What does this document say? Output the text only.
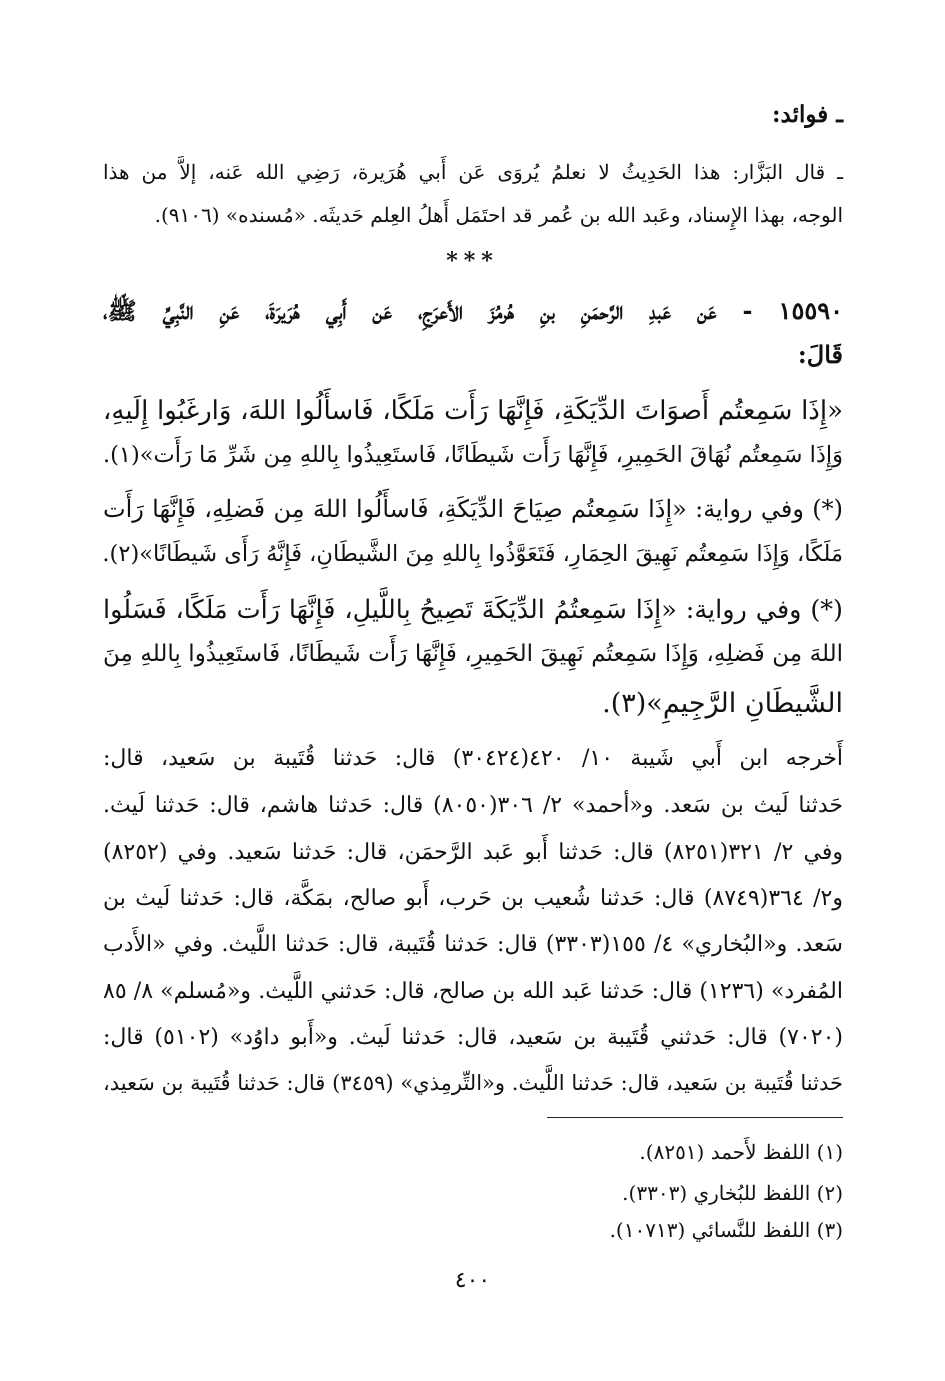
ـ فوائد:
ـ قال البَزَّار: هذا الحَدِيثُ لا نعلمُ يُروَى عَن أَبي هُرَيرة، رَضِي الله عَنه، إلاَّ من هذا
الوجه، بهذا الإِسناد، وعَبد الله بن عُمر قد احتَمَل أَهلُ العِلم حَديثَه. «مُسنده» (٩١٠٦).
***
١٥٥٩٠ - عَن عَبدِ الرَّحمَنِ بنِ هُرمُزَ الأَعرَجِ، عَن أَبِي هُرَيرَةَ، عَنِ النَّبِيِّ ﷺ،
قَالَ:
«إِذَا سَمِعتُم أَصوَاتَ الدِّيَكَةِ، فَإِنَّهَا رَأَت مَلَكًا، فَاسأَلُوا اللهَ، وَارغَبُوا إِلَيهِ،
وَإِذَا سَمِعتُم نُهَاقَ الحَمِيرِ، فَإِنَّهَا رَأَت شَيطَانًا، فَاستَعِيذُوا بِاللهِ مِن شَرِّ مَا رَأَت»(١).
(*) وفي رواية: «إِذَا سَمِعتُم صِيَاحَ الدِّيَكَةِ، فَاسأَلُوا اللهَ مِن فَضلِهِ، فَإِنَّهَا رَأَت
مَلَكًا، وَإِذَا سَمِعتُم نَهِيقَ الحِمَارِ، فَتَعَوَّذُوا بِاللهِ مِنَ الشَّيطَانِ، فَإِنَّهُ رَأَى شَيطَانًا»(٢).
(*) وفي رواية: «إِذَا سَمِعتُمُ الدِّيَكَةَ تَصِيحُ بِاللَّيلِ، فَإِنَّهَا رَأَت مَلَكًا، فَسَلُوا
اللهَ مِن فَضلِهِ، وَإِذَا سَمِعتُم نَهِيقَ الحَمِيرِ، فَإِنَّهَا رَأَت شَيطَانًا، فَاستَعِيذُوا بِاللهِ مِنَ
الشَّيطَانِ الرَّجِيمِ»(٣).
أَخرجه ابن أَبي شَيبة ١٠/ ٤٢٠(٣٠٤٢٤) قال: حَدثنا قُتَيبة بن سَعيد، قال:
حَدثنا لَيث بن سَعد. و«أحمد» ٢/ ٣٠٦(٨٠٥٠) قال: حَدثنا هاشم، قال: حَدثنا لَيث.
وفي ٢/ ٣٢١(٨٢٥١) قال: حَدثنا أَبو عَبد الرَّحمَن، قال: حَدثنا سَعيد. وفي (٨٢٥٢)
و٢/ ٣٦٤(٨٧٤٩) قال: حَدثنا شُعيب بن حَرب، أَبو صالح، بمَكَّة، قال: حَدثنا لَيث بن
سَعد. و«البُخاري» ٤/ ١٥٥(٣٣٠٣) قال: حَدثنا قُتَيبة، قال: حَدثنا اللَّيث. وفي «الأَدب
المُفرد» (١٢٣٦) قال: حَدثنا عَبد الله بن صالح، قال: حَدثني اللَّيث. و«مُسلم» ٨/ ٨٥
(٧٠٢٠) قال: حَدثني قُتَيبة بن سَعيد، قال: حَدثنا لَيث. و«أَبو داوُد» (٥١٠٢) قال:
حَدثنا قُتَيبة بن سَعيد، قال: حَدثنا اللَّيث. و«التِّرمِذي» (٣٤٥٩) قال: حَدثنا قُتَيبة بن سَعيد،
(١) اللفظ لأَحمد (٨٢٥١).
(٢) اللفظ للبُخاري (٣٣٠٣).
(٣) اللفظ للنَّسائي (١٠٧١٣).
٤٠٠
